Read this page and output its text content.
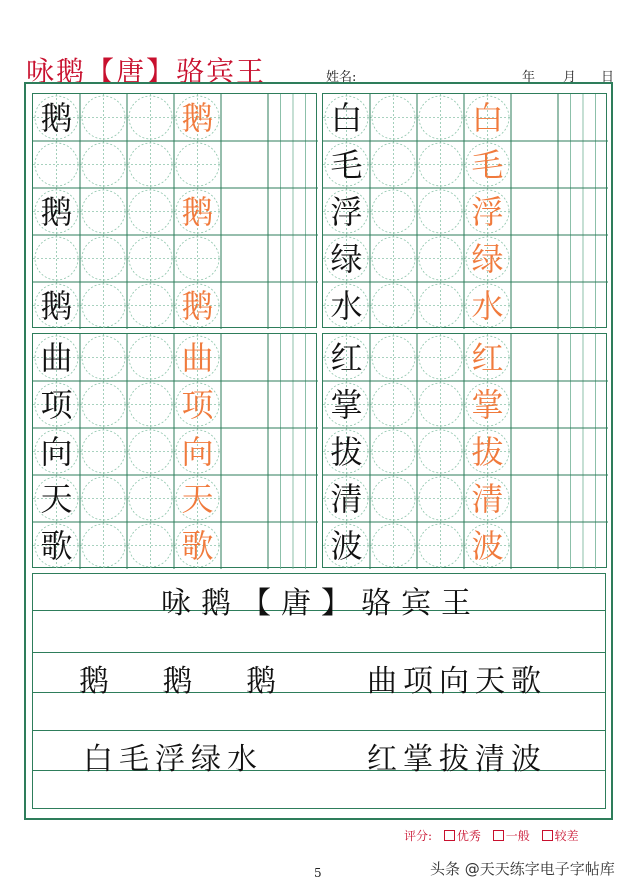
咏鹅【唐】骆宾王	姓名:	年 月 日
鹅	鹅
鹅	鹅
鹅	鹅
白	白
毛	毛
浮	浮
绿	绿
水	水
曲	曲
项	项
向	向
天	天
歌	歌
红	红
掌	掌
拔	拔
清	清
波	波
咏鹅【唐】骆宾王
鹅 鹅 鹅 曲项向天歌
白毛浮绿水	红掌拔清波
评分: 优秀 一般 较差
5	头条 @天天练字电子字帖库
